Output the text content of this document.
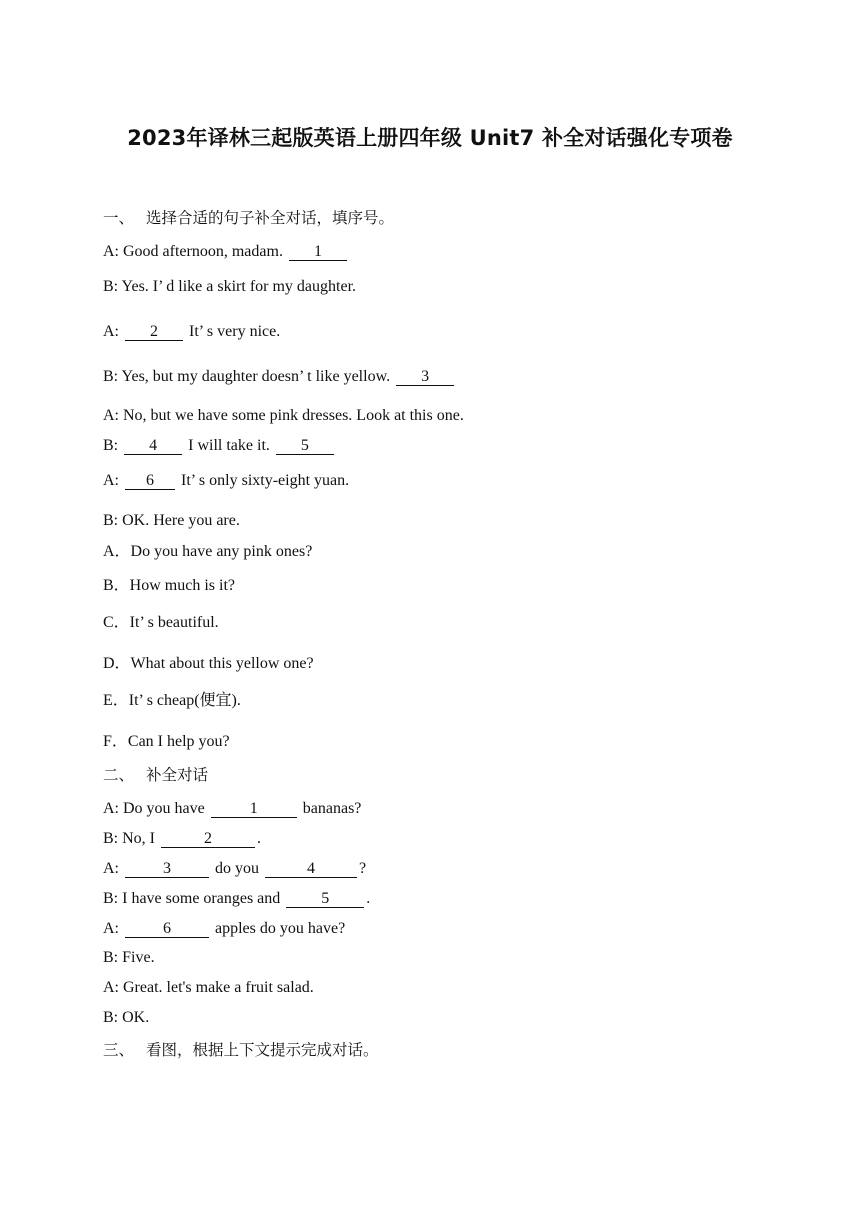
2023年译林三起版英语上册四年级 Unit7 补全对话强化专项卷
一、 选择合适的句子补全对话，填序号。
A: Good afternoon, madam. 1
B: Yes. I’ d like a skirt for my daughter.
A: 2 It’ s very nice.
B: Yes, but my daughter doesn’ t like yellow. 3
A: No, but we have some pink dresses. Look at this one.
B: 4 I will take it. 5
A: 6 It’ s only sixty-eight yuan.
B: OK. Here you are.
A．Do you have any pink ones?
B．How much is it?
C．It’ s beautiful.
D．What about this yellow one?
E．It’ s cheap(便宜).
F．Can I help you?
二、 补全对话
A: Do you have	1	bananas?
B: No, I	2	.
A:	3	do you	4	?
B: I have some oranges and 5 .
A:	6	apples do you have?
B: Five.
A: Great. let's make a fruit salad.
B: OK.
三、 看图，根据上下文提示完成对话。
